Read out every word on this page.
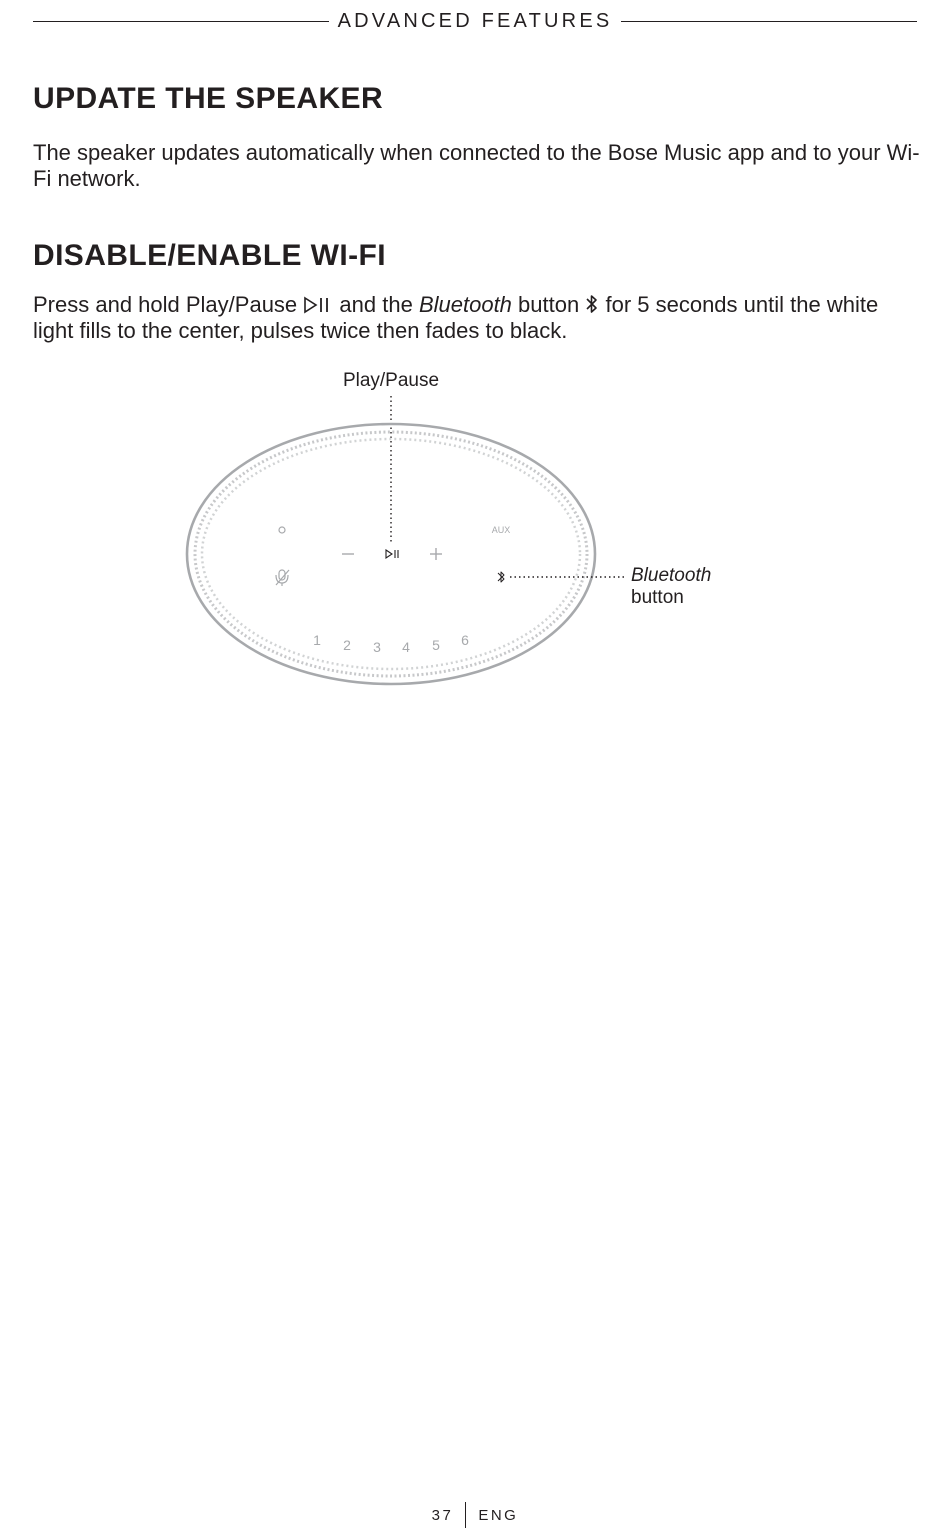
ADVANCED FEATURES
UPDATE THE SPEAKER

The speaker updates automatically when connected to the Bose Music app and to your Wi-Fi network.

DISABLE/ENABLE WI-FI

Press and hold Play/Pause and the Bluetooth button for 5 seconds until the white light fills to the center, pulses twice then fades to black.

Play/Pause
AUX
1 2 3 4 5 6
Bluetooth
button
37 ENG
